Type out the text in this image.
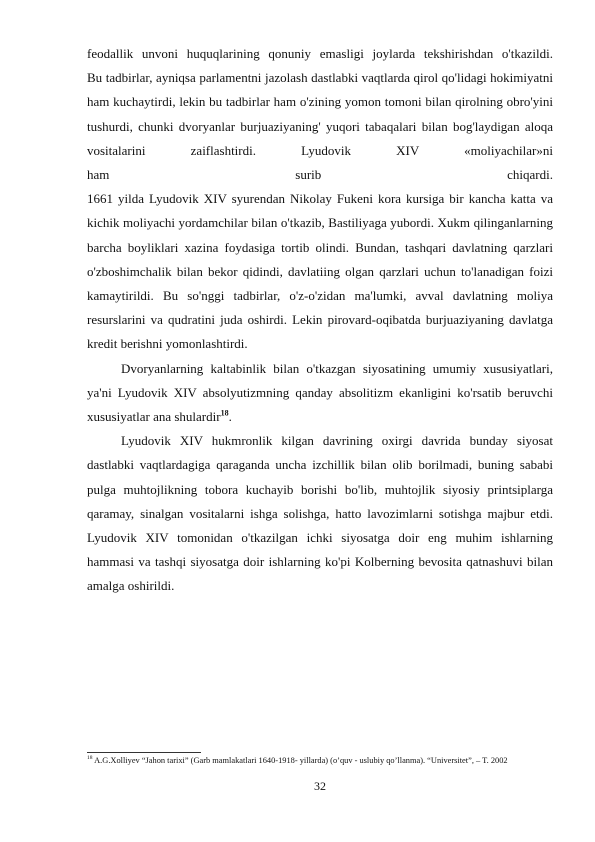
feodallik unvoni huquqlarining qonuniy emasligi joylarda tekshirishdan o'tkazildi.
Bu tadbirlar, ayniqsa parlamentni jazolash dastlabki vaqtlarda qirol qo'lidagi hokimiyatni ham kuchaytirdi, lekin bu tadbirlar ham o'zining yomon tomoni bilan qirolning obro'yini tushurdi, chunki dvoryanlar burjuaziyaning' yuqori tabaqalari bilan bog'laydigan aloqa vositalarini zaiflashtirdi. Lyudovik XIV «moliyachilar»ni
ham surib chiqardi.

1661 yilda Lyudovik XIV syurendan Nikolay Fukeni kora kursiga bir kancha katta va kichik moliyachi yordamchilar bilan o'tkazib, Bastiliyaga yubordi. Xukm qilinganlarning barcha boyliklari xazina foydasiga tortib olindi. Bundan, tashqari davlatning qarzlari o'zboshimchalik bilan bekor qidindi, davlatiing olgan qarzlari uchun to'lanadigan foizi kamaytirildi. Bu so'nggi tadbirlar, o'z-o'zidan ma'lumki, avval davlatning moliya resurslarini va qudratini juda oshirdi. Lekin pirovard-oqibatda burjuaziyaning davlatga kredit berishni yomonlashtirdi.

Dvoryanlarning kaltabinlik bilan o'tkazgan siyosatining umumiy xususiyatlari, ya'ni Lyudovik XIV absolyutizmning qanday absolitizm ekanligini ko'rsatib beruvchi xususiyatlar ana shulardir$^{18}$.

Lyudovik XIV hukmronlik kilgan davrining oxirgi davrida bunday siyosat dastlabki vaqtlardagiga qaraganda uncha izchillik bilan olib borilmadi, buning sababi pulga muhtojlikning tobora kuchayib borishi bo'lib, muhtojlik siyosiy printsiplarga qaramay, sinalgan vositalarni ishga solishga, hatto lavozimlarni sotishga majbur etdi. Lyudovik XIV tomonidan o'tkazilgan ichki siyosatga doir eng muhim ishlarning hammasi va tashqi siyosatga doir ishlarning ko'pi Kolberning bevosita qatnashuvi bilan amalga oshirildi.

$^{18}$ A.G.Xolliyev “Jahon tarixi” (Garb mamlakatlari 1640-1918- yillarda) (o’quv - uslubiy qo’llanma). “Universitet”, – T. 2002
32
